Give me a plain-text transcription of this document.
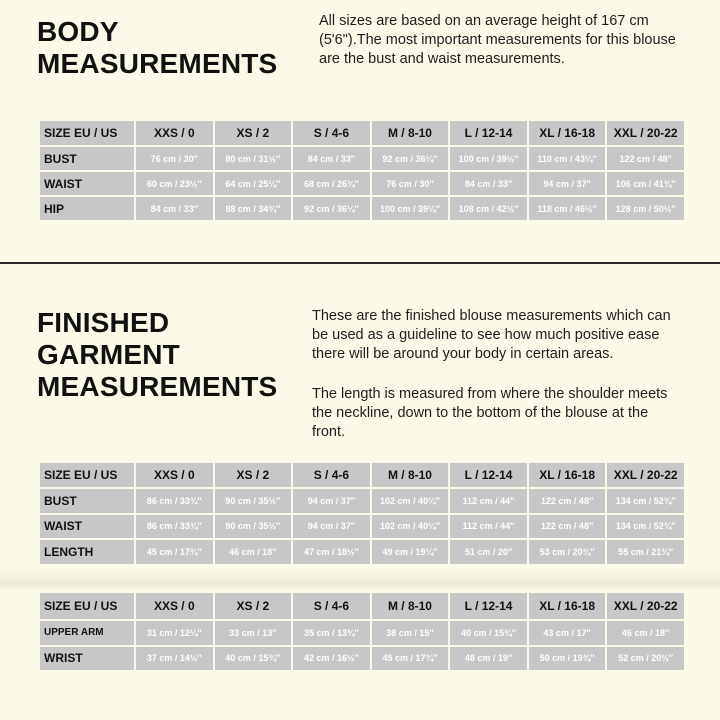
BODY
MEASUREMENTS

All sizes are based on an average height of 167 cm (5'6").The most important measurements for this blouse are the bust and waist measurements.

SIZE EU / US	XXS / 0	XS / 2	S / 4-6	M / 8-10	L / 12-14	XL / 16-18	XXL / 20-22
BUST	76 cm / 30″	80 cm / 31½″	84 cm / 33″	92 cm / 36¼″	100 cm / 39½″	110 cm / 43¼″	122 cm / 48″
WAIST	60 cm / 23½″	64 cm / 25¼″	68 cm / 26¾″	76 cm / 30″	84 cm / 33″	94 cm / 37″	106 cm / 41¾″
HIP	84 cm / 33″	88 cm / 34¾″	92 cm / 36¼″	100 cm / 39¼″	108 cm / 42½″	118 cm / 46½″	128 cm / 50½″
FINISHED
GARMENT
MEASUREMENTS

These are the finished blouse measurements which can be used as a guideline to see how much positive ease there will be around your body in certain areas.

The length is measured from where the shoulder meets the neckline, down to the bottom of the blouse at the front.

SIZE EU / US	XXS / 0	XS / 2	S / 4-6	M / 8-10	L / 12-14	XL / 16-18	XXL / 20-22
BUST	86 cm / 33¾″	90 cm / 35½″	94 cm / 37″	102 cm / 40¼″	112 cm / 44″	122 cm / 48″	134 cm / 52¾″
WAIST	86 cm / 33¾″	90 cm / 35½″	94 cm / 37″	102 cm / 40¼″	112 cm / 44″	122 cm / 48″	134 cm / 52¾″
LENGTH	45 cm / 17¾″	46 cm / 18″	47 cm / 18½″	49 cm / 19¼″	51 cm / 20″	53 cm / 20¾″	55 cm / 21¾″
SIZE EU / US	XXS / 0	XS / 2	S / 4-6	M / 8-10	L / 12-14	XL / 16-18	XXL / 20-22
UPPER ARM	31 cm / 12¼″	33 cm / 13″	35 cm / 13¾″	38 cm / 15″	40 cm / 15¾″	43 cm / 17″	46 cm / 18″
WRIST	37 cm / 14½″	40 cm / 15¾″	42 cm / 16½″	45 cm / 17¾″	48 cm / 19″	50 cm / 19¾″	52 cm / 20½″
